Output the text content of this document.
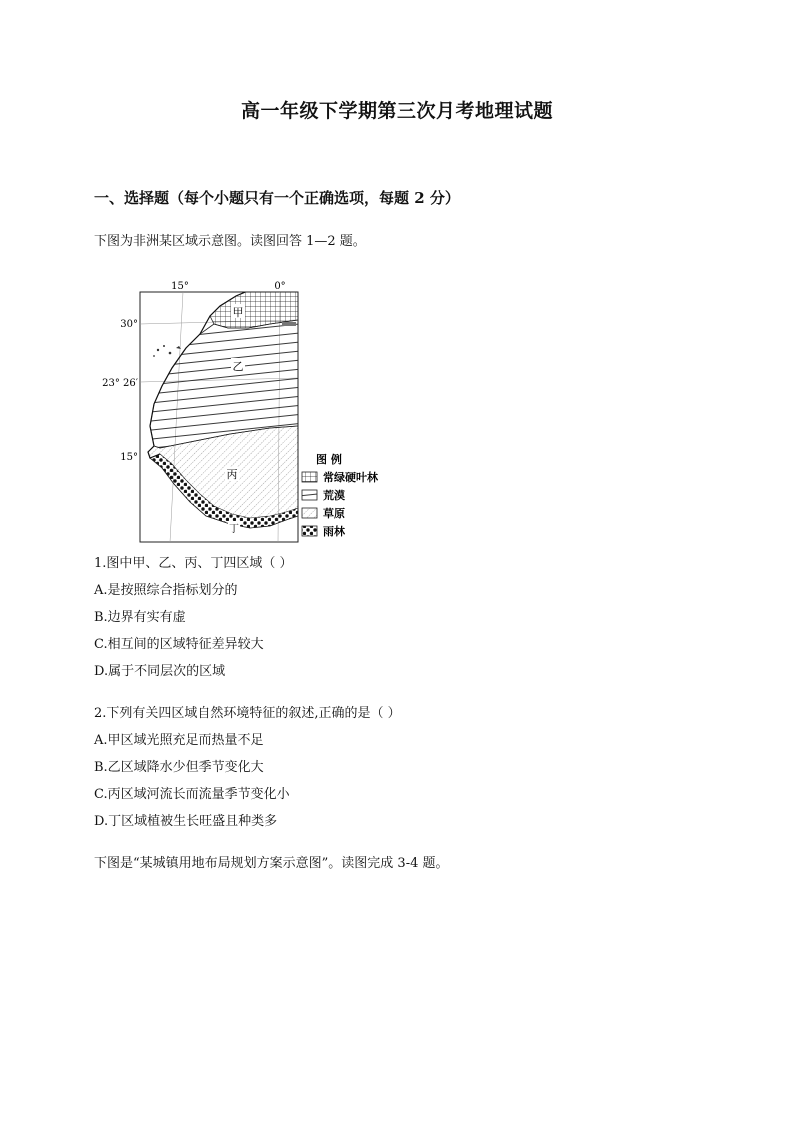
高一年级下学期第三次月考地理试题
一、选择题（每个小题只有一个正确选项，每题 2 分）
下图为非洲某区域示意图。读图回答 1—2 题。
15°	0°
30°
23° 26′
15°
甲
乙
丙
丁
图 例
常绿硬叶林
荒漠
草原
雨林
1.图中甲、乙、丙、丁四区域（ ）
A.是按照综合指标划分的
B.边界有实有虚
C.相互间的区域特征差异较大
D.属于不同层次的区域
2.下列有关四区域自然环境特征的叙述,正确的是（ ）
A.甲区域光照充足而热量不足
B.乙区域降水少但季节变化大
C.丙区域河流长而流量季节变化小
D.丁区域植被生长旺盛且种类多
下图是“某城镇用地布局规划方案示意图”。读图完成 3-4 题。
